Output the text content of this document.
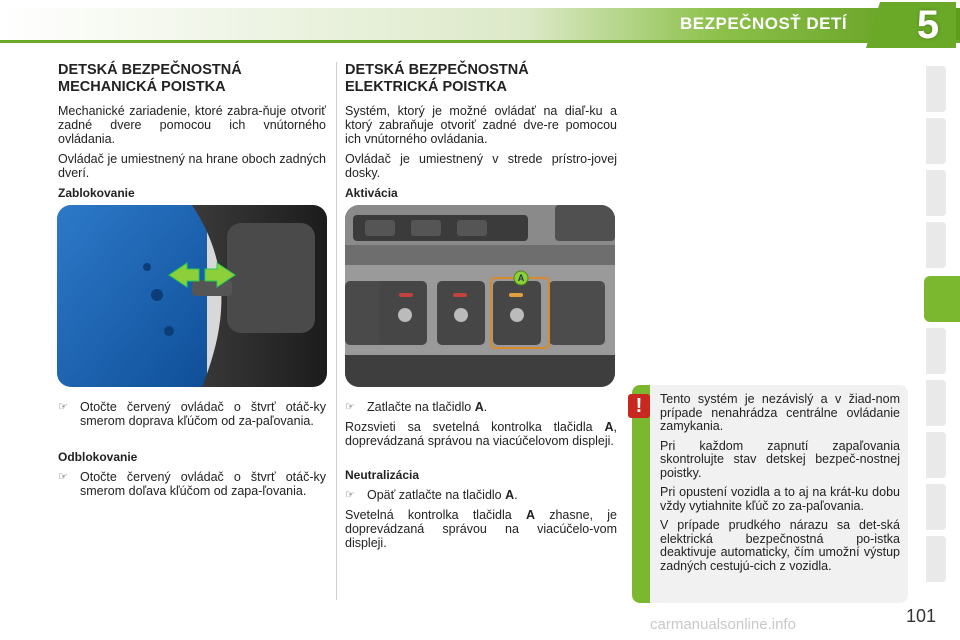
BEZPEČNOSŤ DETÍ	5
DETSKÁ BEZPEČNOSTNÁ MECHANICKÁ POISTKA

Mechanické zariadenie, ktoré zabra-ňuje otvoriť zadné dvere pomocou ich vnútorného ovládania.

Ovládač je umiestnený na hrane oboch zadných dverí.

Zablokovanie
☞ Otočte červený ovládač o štvrť otáč-ky smerom doprava kľúčom od za-paľovania.
Odblokovanie
☞ Otočte červený ovládač o štvrť otáč-ky smerom doľava kľúčom od zapa-ľovania.
DETSKÁ BEZPEČNOSTNÁ ELEKTRICKÁ POISTKA

Systém, ktorý je možné ovládať na diaľ-ku a ktorý zabraňuje otvoriť zadné dve-re pomocou ich vnútorného ovládania.

Ovládač je umiestnený v strede prístro-jovej dosky.

Aktivácia
A
☞ Zatlačte na tlačidlo A.

Rozsvieti sa svetelná kontrolka tlačidla A, doprevádzaná správou na viacúčelovom displeji.

Neutralizácia
☞ Opäť zatlačte na tlačidlo A.

Svetelná kontrolka tlačidla A zhasne, je doprevádzaná správou na viacúčelo-vom displeji.

Tento systém je nezávislý a v žiad-nom prípade nenahrádza centrálne ovládanie zamykania.

Pri každom zapnutí zapaľovania skontrolujte stav detskej bezpeč-nostnej poistky.

Pri opustení vozidla a to aj na krát-ku dobu vždy vytiahnite kľúč zo za-paľovania.

V prípade prudkého nárazu sa det-ská elektrická bezpečnostná po-istka deaktivuje automaticky, čím umožní výstup zadných cestujú-cich z vozidla.

!
carmanualsonline.info	101
